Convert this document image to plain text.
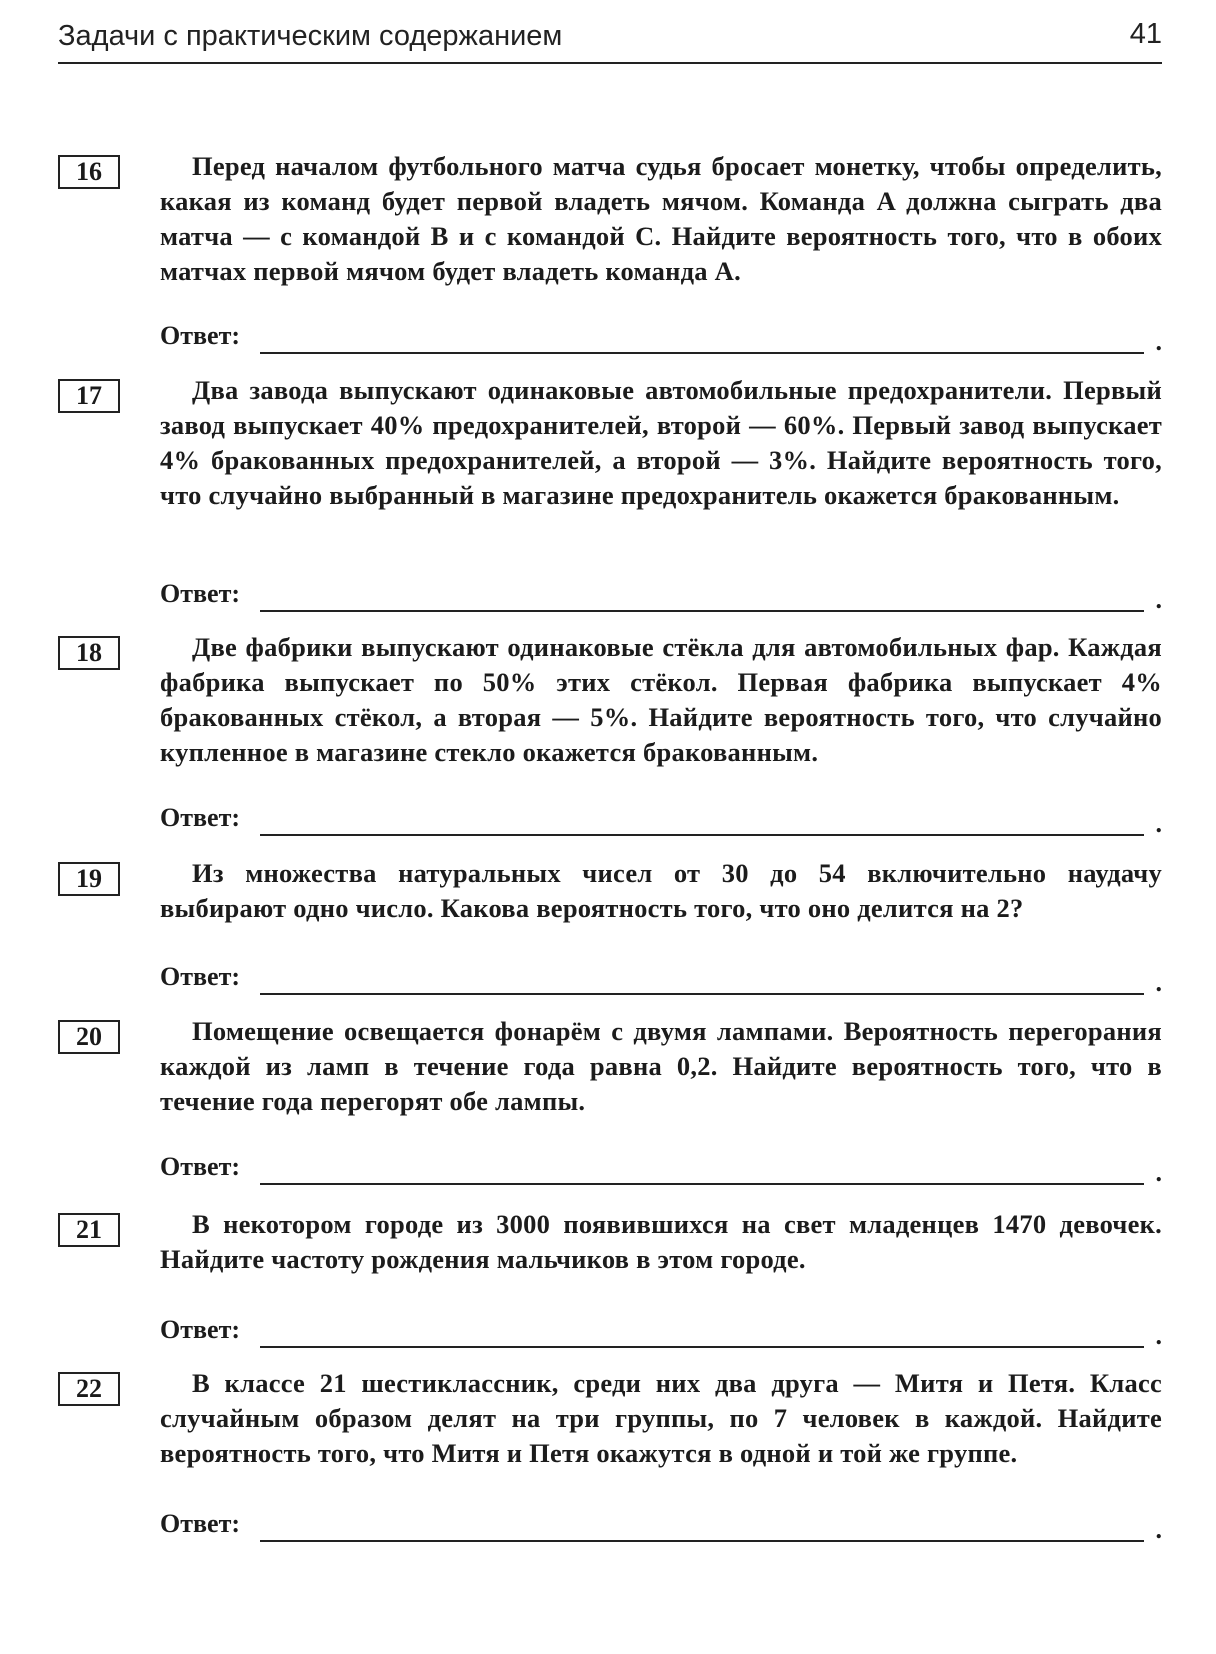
Задачи с практическим содержанием	41
16	Перед началом футбольного матча судья бросает монетку, чтобы определить, какая из команд будет первой владеть мячом. Команда A должна сыграть два матча — с командой B и с командой C. Найдите вероятность того, что в обоих матчах первой мячом будет владеть команда A.
Ответ:	.
17	Два завода выпускают одинаковые автомобильные предохранители. Первый завод выпускает 40% предохранителей, второй — 60%. Первый завод выпускает 4% бракованных предохранителей, а второй — 3%. Найдите вероятность того, что случайно выбранный в магазине предохранитель окажется бракованным.
Ответ:	.
18	Две фабрики выпускают одинаковые стёкла для автомобильных фар. Каждая фабрика выпускает по 50% этих стёкол. Первая фабрика выпускает 4% бракованных стёкол, а вторая — 5%. Найдите вероятность того, что случайно купленное в магазине стекло окажется бракованным.
Ответ:	.
19	Из множества натуральных чисел от 30 до 54 включительно наудачу выбирают одно число. Какова вероятность того, что оно делится на 2?
Ответ:	.
20	Помещение освещается фонарём с двумя лампами. Вероятность перегорания каждой из ламп в течение года равна 0,2. Найдите вероятность того, что в течение года перегорят обе лампы.
Ответ:	.
21	В некотором городе из 3000 появившихся на свет младенцев 1470 девочек. Найдите частоту рождения мальчиков в этом городе.
Ответ:	.
22	В классе 21 шестиклассник, среди них два друга — Митя и Петя. Класс случайным образом делят на три группы, по 7 человек в каждой. Найдите вероятность того, что Митя и Петя окажутся в одной и той же группе.
Ответ:	.
